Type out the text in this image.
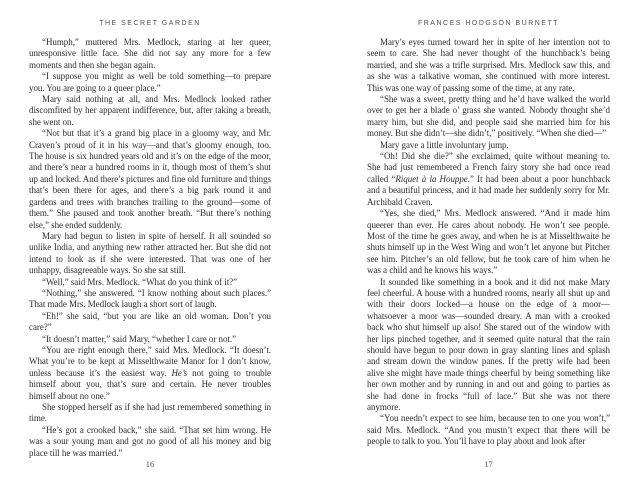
THE SECRET GARDEN

“Humph,” muttered Mrs. Medlock, staring at her queer, unresponsive little face. She did not say any more for a few moments and then she began again.

“I suppose you might as well be told something—to prepare you. You are going to a queer place.”

Mary said nothing at all, and Mrs. Medlock looked rather discomfited by her apparent indifference, but, after taking a breath, she went on.

“Not but that it’s a grand big place in a gloomy way, and Mr. Craven’s proud of it in his way—and that’s gloomy enough, too. The house is six hundred years old and it’s on the edge of the moor, and there’s near a hundred rooms in it, though most of them’s shut up and locked. And there’s pictures and fine old furniture and things that’s been there for ages, and there’s a big park round it and gardens and trees with branches trailing to the ground—some of them.” She paused and took another breath. “But there’s nothing else,” she ended suddenly.

Mary had begun to listen in spite of herself. It all sounded so unlike India, and anything new rather attracted her. But she did not intend to look as if she were interested. That was one of her unhappy, disagreeable ways. So she sat still.

“Well,” said Mrs. Medlock. “What do you think of it?”

“Nothing,” she answered. “I know nothing about such places.” That made Mrs. Medlock laugh a short sort of laugh.

“Eh!” she said, “but you are like an old woman. Don’t you care?”

“It doesn’t matter,” said Mary, “whether I care or not.”

“You are right enough there,” said Mrs. Medlock. “It doesn’t. What you’re to be kept at Misselthwaite Manor for I don’t know, unless because it’s the easiest way. He’s not going to trouble himself about you, that’s sure and certain. He never troubles himself about no one.”

She stopped herself as if she had just remembered something in time.

“He’s got a crooked back,” she said. “That set him wrong. He was a sour young man and got no good of all his money and big place till he was married.”

16
FRANCES HODGSON BURNETT

Mary’s eyes turned toward her in spite of her intention not to seem to care. She had never thought of the hunchback’s being married, and she was a trifle surprised. Mrs. Medlock saw this, and as she was a talkative woman, she continued with more interest. This was one way of passing some of the time, at any rate.

“She was a sweet, pretty thing and he’d have walked the world over to get her a blade o’ grass she wanted. Nobody thought she’d marry him, but she did, and people said she married him for his money. But she didn’t—she didn’t,” positively. “When she died—”

Mary gave a little involuntary jump.

“Oh! Did she die?” she exclaimed, quite without meaning to. She had just remembered a French fairy story she had once read called “Riquet à la Houppe.” It had been about a poor hunchback and a beautiful princess, and it had made her suddenly sorry for Mr. Archibald Craven.

“Yes, she died,” Mrs. Medlock answered. “And it made him queerer than ever. He cares about nobody. He won’t see people. Most of the time he goes away, and when he is at Misselthwaite he shuts himself up in the West Wing and won’t let anyone but Pitcher see him. Pitcher’s an old fellow, but he took care of him when he was a child and he knows his ways.”

It sounded like something in a book and it did not make Mary feel cheerful. A house with a hundred rooms, nearly all shut up and with their doors locked—a house on the edge of a moor—whatsoever a moor was—sounded dreary. A man with a crooked back who shut himself up also! She stared out of the window with her lips pinched together, and it seemed quite natural that the rain should have begun to pour down in gray slanting lines and splash and stream down the window panes. If the pretty wife had been alive she might have made things cheerful by being something like her own mother and by running in and out and going to parties as she had done in frocks “full of lace.” But she was not there anymore.

“You needn’t expect to see him, because ten to one you won’t,” said Mrs. Medlock. “And you mustn’t expect that there will be people to talk to you. You’ll have to play about and look after

17
